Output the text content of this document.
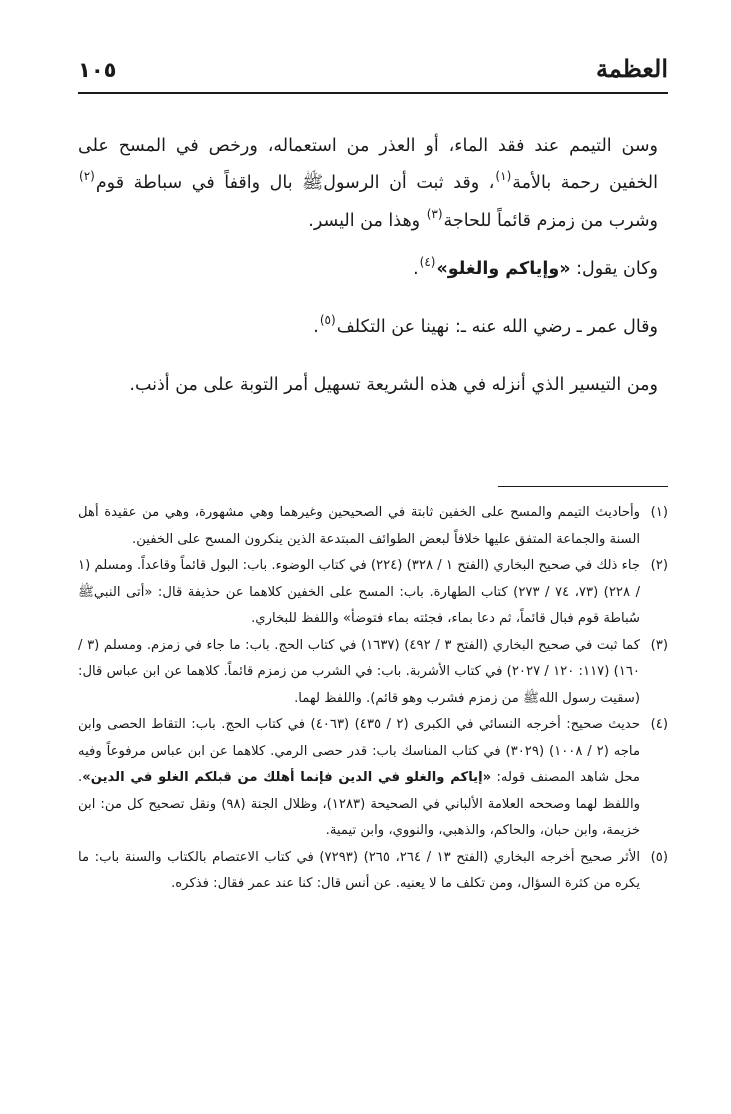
العظمة
١٠٥

وسن التيمم عند فقد الماء، أو العذر من استعماله، ورخص في المسح على الخفين رحمة بالأمة$^{(١)}$، وقد ثبت أن الرسولﷺ بال واقفاً في سباطة قوم$^{(٢)}$ وشرب من زمزم قائماً للحاجة$^{(٣)}$ وهذا من اليسر.

وكان يقول: «وإياكم والغلو»$^{(٤)}$.

وقال عمر ـ رضي الله عنه ـ: نهينا عن التكلف$^{(٥)}$.

ومن التيسير الذي أنزله في هذه الشريعة تسهيل أمر التوبة على من أذنب.

(١)
وأحاديث التيمم والمسح على الخفين ثابتة في الصحيحين وغيرهما وهي مشهورة، وهي من عقيدة أهل السنة والجماعة المتفق عليها خلافاً لبعض الطوائف المبتدعة الذين ينكرون المسح على الخفين.
(٢)
جاء ذلك في صحيح البخاري (الفتح ١ / ٣٢٨) (٢٢٤) في كتاب الوضوء. باب: البول قائماً وقاعداً. ومسلم (١ / ٢٢٨) (٧٣، ٧٤ / ٢٧٣) كتاب الطهارة. باب: المسح على الخفين كلاهما عن حذيفة قال: «أتى النبيﷺ سُباطة قوم فبال قائماً، ثم دعا بماء، فجئته بماء فتوضأ» واللفظ للبخاري.
(٣)
كما ثبت في صحيح البخاري (الفتح ٣ / ٤٩٢) (١٦٣٧) في كتاب الحج. باب: ما جاء في زمزم. ومسلم (٣ / ١٦٠) (١١٧: ١٢٠ / ٢٠٢٧) في كتاب الأشربة. باب: في الشرب من زمزم قائماً. كلاهما عن ابن عباس قال: (سقيت رسول اللهﷺ من زمزم فشرب وهو قائم). واللفظ لهما.
(٤)
حديث صحيح: أخرجه النسائي في الكبرى (٢ / ٤٣٥) (٤٠٦٣) في كتاب الحج. باب: التقاط الحصى وابن ماجه (٢ / ١٠٠٨) (٣٠٢٩) في كتاب المناسك باب: قدر حصى الرمي. كلاهما عن ابن عباس مرفوعاً وفيه محل شاهد المصنف قوله: «إياكم والغلو في الدين فإنما أهلك من قبلكم الغلو في الدين». واللفظ لهما وصححه العلامة الألباني في الصحيحة (١٢٨٣)، وظلال الجنة (٩٨) ونقل تصحيح كل من: ابن خزيمة، وابن حبان، والحاكم، والذهبي، والنووي، وابن تيمية.
(٥)
الأثر صحيح أخرجه البخاري (الفتح ١٣ / ٢٦٤، ٢٦٥) (٧٢٩٣) في كتاب الاعتصام بالكتاب والسنة باب: ما يكره من كثرة السؤال، ومن تكلف ما لا يعنيه. عن أنس قال: كنا عند عمر فقال: فذكره.
